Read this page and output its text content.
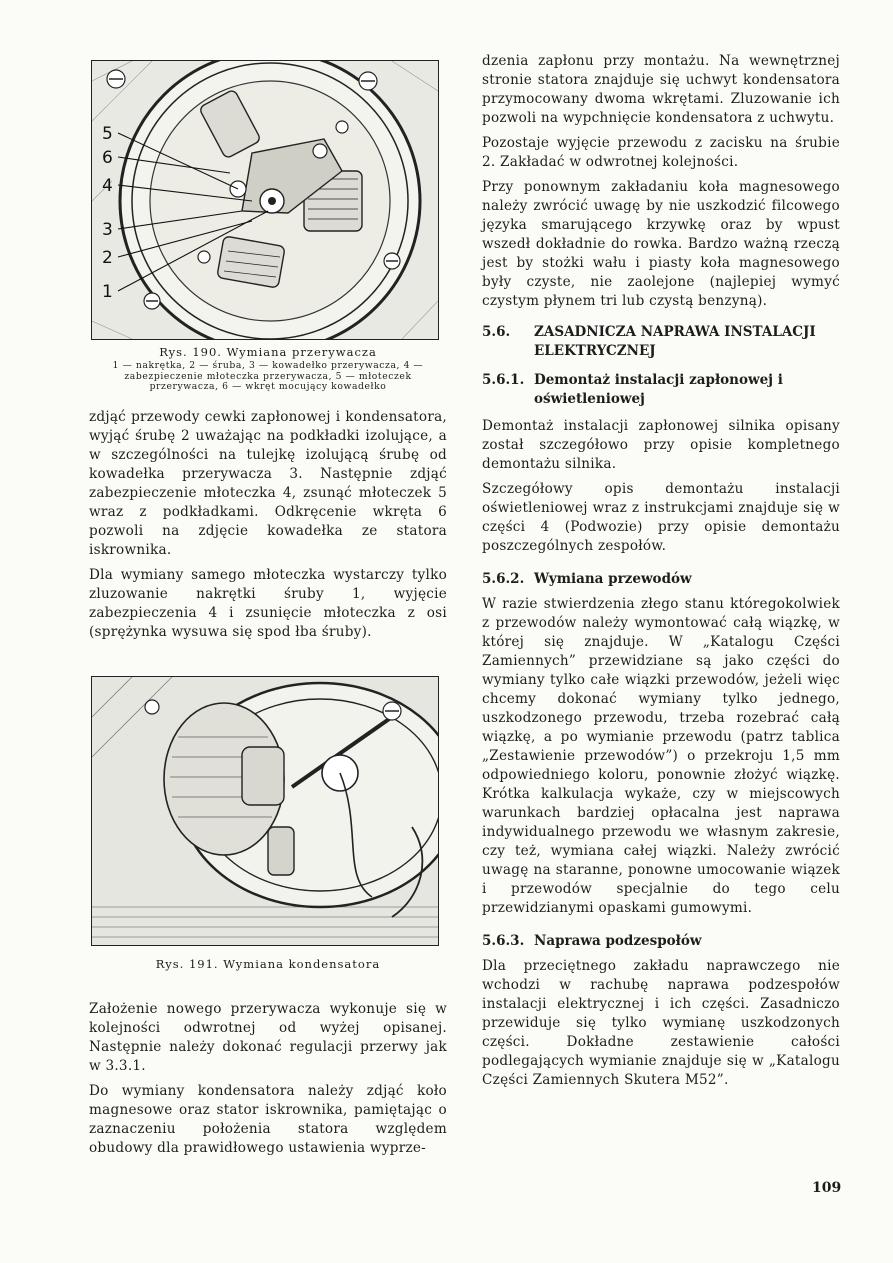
5
6
4
3
2
1
Rys. 190. Wymiana przerywacza
1 — nakrętka, 2 — śruba, 3 — kowadełko przerywacza, 4 — zabezpieczenie młoteczka przerywacza, 5 — młoteczek przerywacza, 6 — wkręt mocujący kowadełko

zdjąć przewody cewki zapłonowej i kondensatora, wyjąć śrubę 2 uważając na podkładki izolujące, a w szczególności na tulejkę izolującą śrubę od kowadełka przerywacza 3. Następnie zdjąć zabezpieczenie młoteczka 4, zsunąć młoteczek 5 wraz z podkładkami. Odkręcenie wkręta 6 pozwoli na zdjęcie kowadełka ze statora iskrownika.

Dla wymiany samego młoteczka wystarczy tylko zluzowanie nakrętki śruby 1, wyjęcie zabezpieczenia 4 i zsunięcie młoteczka z osi (sprężynka wysuwa się spod łba śruby).

Rys. 191. Wymiana kondensatora

Założenie nowego przerywacza wykonuje się w kolejności odwrotnej od wyżej opisanej. Następnie należy dokonać regulacji przerwy jak w 3.3.1.

Do wymiany kondensatora należy zdjąć koło magnesowe oraz stator iskrownika, pamiętając o zaznaczeniu położenia statora względem obudowy dla prawidłowego ustawienia wyprze-

dzenia zapłonu przy montażu. Na wewnętrznej stronie statora znajduje się uchwyt kondensatora przymocowany dwoma wkrętami. Zluzowanie ich pozwoli na wypchnięcie kondensatora z uchwytu.

Pozostaje wyjęcie przewodu z zacisku na śrubie 2. Zakładać w odwrotnej kolejności.

Przy ponownym zakładaniu koła magnesowego należy zwrócić uwagę by nie uszkodzić filcowego języka smarującego krzywkę oraz by wpust wszedł dokładnie do rowka. Bardzo ważną rzeczą jest by stożki wału i piasty koła magnesowego były czyste, nie zaolejone (najlepiej wymyć czystym płynem tri lub czystą benzyną).

5.6.	ZASADNICZA NAPRAWA INSTALACJI ELEKTRYCZNEJ
5.6.1. Demontaż instalacji zapłonowej i oświetleniowej

Demontaż instalacji zapłonowej silnika opisany został szczegółowo przy opisie kompletnego demontażu silnika.

Szczegółowy opis demontażu instalacji oświetleniowej wraz z instrukcjami znajduje się w części 4 (Podwozie) przy opisie demontażu poszczególnych zespołów.

5.6.2. Wymiana przewodów

W razie stwierdzenia złego stanu któregokolwiek z przewodów należy wymontować całą wiązkę, w której się znajduje. W „Katalogu Części Zamiennych” przewidziane są jako części do wymiany tylko całe wiązki przewodów, jeżeli więc chcemy dokonać wymiany tylko jednego, uszkodzonego przewodu, trzeba rozebrać całą wiązkę, a po wymianie przewodu (patrz tablica „Zestawienie przewodów”) o przekroju 1,5 mm odpowiedniego koloru, ponownie złożyć wiązkę. Krótka kalkulacja wykaże, czy w miejscowych warunkach bardziej opłacalna jest naprawa indywidualnego przewodu we własnym zakresie, czy też, wymiana całej wiązki. Należy zwrócić uwagę na staranne, ponowne umocowanie wiązek i przewodów specjalnie do tego celu przewidzianymi opaskami gumowymi.

5.6.3. Naprawa podzespołów

Dla przeciętnego zakładu naprawczego nie wchodzi w rachubę naprawa podzespołów instalacji elektrycznej i ich części. Zasadniczo przewiduje się tylko wymianę uszkodzonych części. Dokładne zestawienie całości podlegających wymianie znajduje się w „Katalogu Części Zamiennych Skutera M52”.

109
